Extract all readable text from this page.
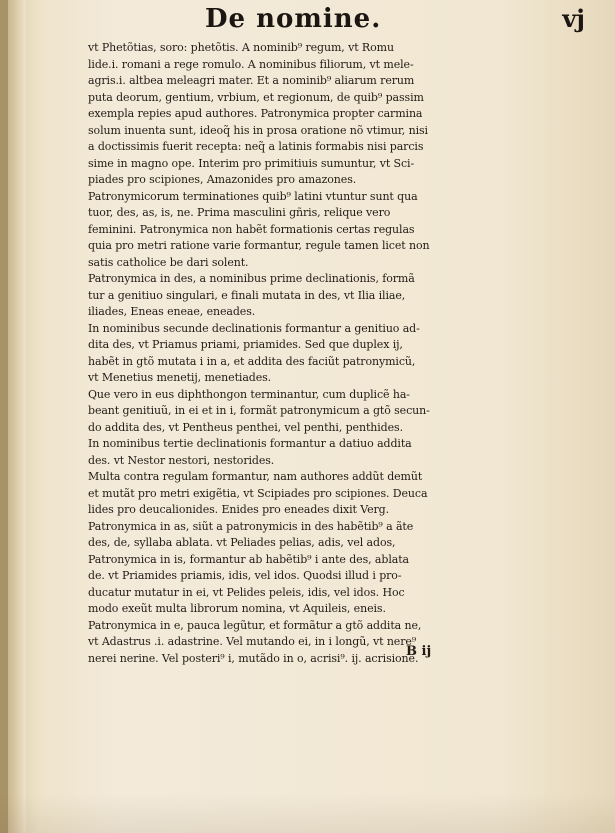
De nomine.	vj
vt Phetõtias, soro: phetõtis. A nominib⁹ regum, vt Romu
lide.i. romani a rege romulo. A nominibus filiorum, vt mele-
agris.i. altbea meleagri mater. Et a nominib⁹ aliarum rerum
puta deorum, gentium, vrbium, et regionum, de quib⁹ passim
exempla repies apud authores. Patronymica propter carmina
solum inuenta sunt, ideoq̃ his in prosa oratione nõ vtimur, nisi
a doctissimis fuerit recepta: neq̃ a latinis formabis nisi parcis
sime in magno ope. Interim pro primitiuis sumuntur, vt Sci-
piades pro scipiones, Amazonides pro amazones.
Patronymicorum terminationes quib⁹ latini vtuntur sunt qua
tuor, des, as, is, ne. Prima masculini gñris, relique vero
feminini. Patronymica non habẽt formationis certas regulas
quia pro metri ratione varie formantur, regule tamen licet non
satis catholice be dari solent.
Patronymica in des, a nominibus prime declinationis, formã
tur a genitiuo singulari, e finali mutata in des, vt Ilia iliae,
iliades, Eneas eneae, eneades.
In nominibus secunde declinationis formantur a genitiuo ad-
dita des, vt Priamus priami, priamides. Sed que duplex ij,
habẽt in gtõ mutata i in a, et addita des faciũt patronymicũ,
vt Menetius menetij, menetiades.
Que vero in eus diphthongon terminantur, cum duplicẽ ha-
beant genitiuũ, in ei et in i, formãt patronymicum a gtõ secun-
do addita des, vt Pentheus penthei, vel penthi, penthides.
In nominibus tertie declinationis formantur a datiuo addita
des. vt Nestor nestori, nestorides.
Multa contra regulam formantur, nam authores addũt demũt
et mutãt pro metri exigẽtia, vt Scipiades pro scipiones. Deuca
lides pro deucalionides. Enides pro eneades dixit Verg.
Patronymica in as, siũt a patronymicis in des habẽtib⁹ a ãte
des, de, syllaba ablata. vt Peliades pelias, adis, vel ados,
Patronymica in is, formantur ab habẽtib⁹ i ante des, ablata
de. vt Priamides priamis, idis, vel idos. Quodsi illud i pro-
ducatur mutatur in ei, vt Pelides peleis, idis, vel idos. Hoc
modo exeũt multa librorum nomina, vt Aquileis, eneis.
Patronymica in e, pauca legũtur, et formãtur a gtõ addita ne,
vt Adastrus .i. adastrine. Vel mutando ei, in i longũ, vt nere⁹
nerei nerine. Vel posteri⁹ i, mutãdo in o, acrisi⁹. ij. acrisione.
B ij
